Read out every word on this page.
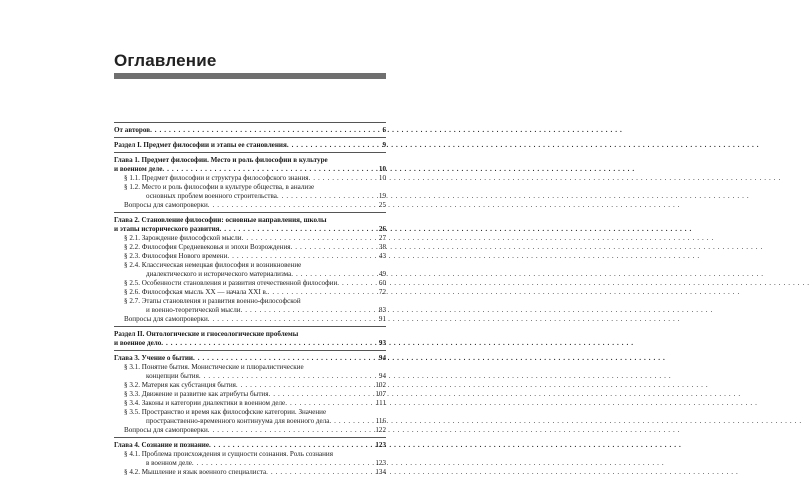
Оглавление
От авторов . . .	6
Раздел I. Предмет философии и этапы ее становления . . .	9
Глава 1. Предмет философии. Место и роль философии в культуре
и военном деле . . .	10
§ 1.1. Предмет философии и структура философского знания . . .	10
§ 1.2. Место и роль философии в культуре общества, в анализе
основных проблем военного строительства . . .	19
Вопросы для самопроверки . . .	25
Глава 2. Становление философии: основные направления, школы
и этапы исторического развития . . .	26
§ 2.1. Зарождение философской мысли . . .	27
§ 2.2. Философия Средневековья и эпохи Возрождения . . .	38
§ 2.3. Философия Нового времени . . .	43
§ 2.4. Классическая немецкая философия и возникновение
диалектического и исторического материализма . . .	49
§ 2.5. Особенности становления и развития отечественной философии . . .	60
§ 2.6. Философская мысль XX — начала XXI в. . . .	72
§ 2.7. Этапы становления и развития военно-философской
и военно-теоретической мысли . . .	83
Вопросы для самопроверки . . .	91
Раздел II. Онтологические и гносеологические проблемы
и военное дело . . .	93
Глава 3. Учение о бытии . . .	94
§ 3.1. Понятие бытия. Монистические и плюралистические
концепции бытия . . .	94
§ 3.2. Материя как субстанция бытия . . .	102
§ 3.3. Движение и развитие как атрибуты бытия . . .	107
§ 3.4. Законы и категории диалектики в военном деле . . .	111
§ 3.5. Пространство и время как философские категории. Значение
пространственно-временного континуума для военного дела . . .	116
Вопросы для самопроверки . . .	122
Глава 4. Сознание и познание . . .	123
§ 4.1. Проблема происхождения и сущности сознания. Роль сознания
в военном деле . . .	123
§ 4.2. Мышление и язык военного специалиста . . .	134
